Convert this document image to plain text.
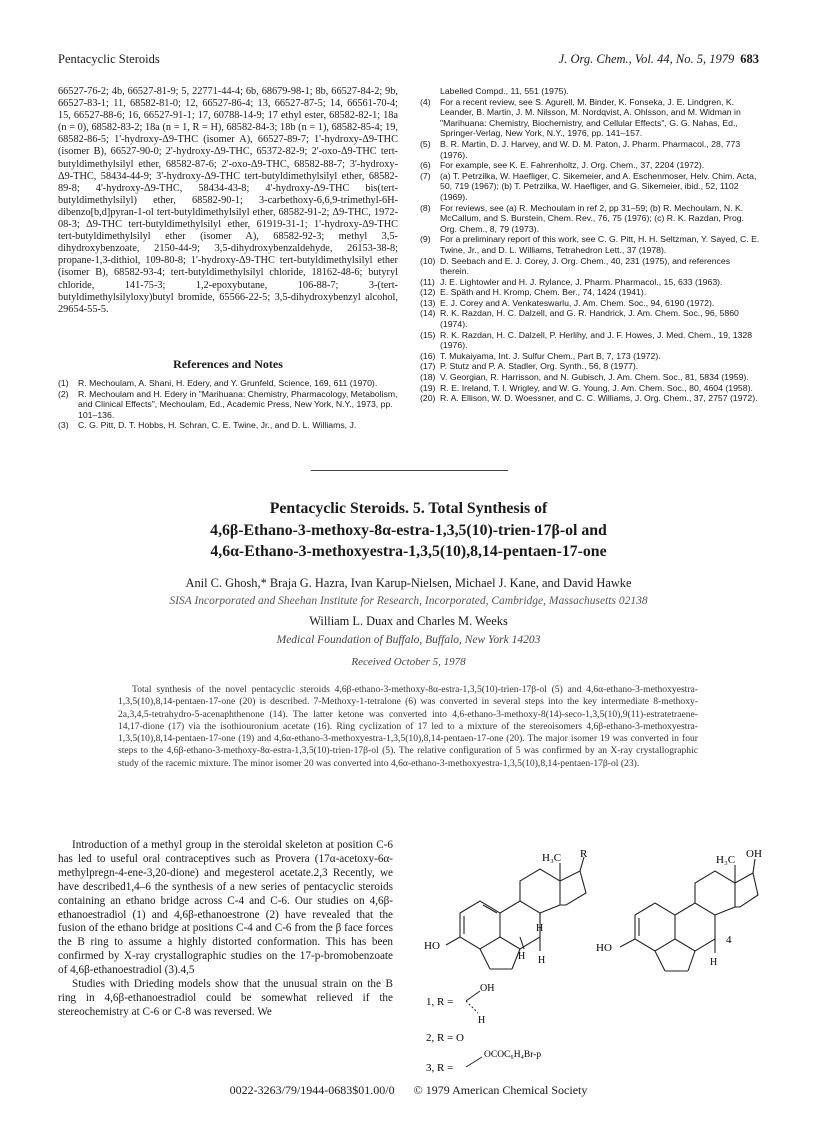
Pentacyclic Steroids	J. Org. Chem., Vol. 44, No. 5, 1979 683
66527-76-2; 4b, 66527-81-9; 5, 22771-44-4; 6b, 68679-98-1; 8b, 66527-84-2; 9b, 66527-83-1; 11, 68582-81-0; 12, 66527-86-4; 13, 66527-87-5; 14, 66561-70-4; 15, 66527-88-6; 16, 66527-91-1; 17, 60788-14-9; 17 ethyl ester, 68582-82-1; 18a (n = 0), 68582-83-2; 18a (n = 1, R = H), 68582-84-3; 18b (n = 1), 68582-85-4; 19, 68582-86-5; 1'-hydroxy-Δ9-THC (isomer A), 66527-89-7; 1'-hydroxy-Δ9-THC (isomer B), 66527-90-0; 2'-hydroxy-Δ9-THC, 65372-82-9; 2'-oxo-Δ9-THC tert-butyldimethylsilyl ether, 68582-87-6; 2'-oxo-Δ9-THC, 68582-88-7; 3'-hydroxy-Δ9-THC, 58434-44-9; 3'-hydroxy-Δ9-THC tert-butyldimethylsilyl ether, 68582-89-8; 4'-hydroxy-Δ9-THC, 58434-43-8; 4'-hydroxy-Δ9-THC bis(tert-butyldimethylsilyl) ether, 68582-90-1; 3-carbethoxy-6,6,9-trimethyl-6H-dibenzo[b,d]pyran-1-ol tert-butyldimethylsilyl ether, 68582-91-2; Δ9-THC, 1972-08-3; Δ9-THC tert-butyldimethylsilyl ether, 61919-31-1; 1'-hydroxy-Δ9-THC tert-butyldimethylsilyl ether (isomer A), 68582-92-3; methyl 3,5-dihydroxybenzoate, 2150-44-9; 3,5-dihydroxybenzaldehyde, 26153-38-8; propane-1,3-dithiol, 109-80-8; 1'-hydroxy-Δ9-THC tert-butyldimethylsilyl ether (isomer B), 68582-93-4; tert-butyldimethylsilyl chloride, 18162-48-6; butyryl chloride, 141-75-3; 1,2-epoxybutane, 106-88-7; 3-(tert-butyldimethylsilyloxy)butyl bromide, 65566-22-5; 3,5-dihydroxybenzyl alcohol, 29654-55-5.
References and Notes
(1)	R. Mechoulam, A. Shani, H. Edery, and Y. Grunfeld, Science, 169, 611 (1970).
(2)	R. Mechoulam and H. Edery in "Marihuana: Chemistry, Pharmacology, Metabolism, and Clinical Effects", Mechoulam, Ed., Academic Press, New York, N.Y., 1973, pp. 101–136.
(3)	C. G. Pitt, D. T. Hobbs, H. Schran, C. E. Twine, Jr., and D. L. Williams, J.
Labelled Compd., 11, 551 (1975).
(4)	For a recent review, see S. Agurell, M. Binder, K. Fonseka, J. E. Lindgren, K. Leander, B. Martin, J. M. Nilsson, M. Nordqvist, A. Ohlsson, and M. Widman in "Marihuana: Chemistry, Biochemistry, and Cellular Effects", G. G. Nahas, Ed., Springer-Verlag, New York, N.Y., 1976, pp. 141–157.
(5)	B. R. Martin, D. J. Harvey, and W. D. M. Paton, J. Pharm. Pharmacol., 28, 773 (1976).
(6)	For example, see K. E. Fahrenholtz, J. Org. Chem., 37, 2204 (1972).
(7)	(a) T. Petrzilka, W. Haefliger, C. Sikemeier, and A. Eschenmoser, Helv. Chim. Acta, 50, 719 (1967); (b) T. Petrzilka, W. Haefliger, and G. Sikemeier, ibid., 52, 1102 (1969).
(8)	For reviews, see (a) R. Mechoulam in ref 2, pp 31–59; (b) R. Mechoulam, N. K. McCallum, and S. Burstein, Chem. Rev., 76, 75 (1976); (c) R. K. Razdan, Prog. Org. Chem., 8, 79 (1973).
(9)	For a preliminary report of this work, see C. G. Pitt, H. H. Seltzman, Y. Sayed, C. E. Twine, Jr., and D. L. Williams, Tetrahedron Lett., 37 (1978).
(10) D. Seebach and E. J. Corey, J. Org. Chem., 40, 231 (1975), and references therein.
(11) J. E. Lightowler and H. J. Rylance, J. Pharm. Pharmacol., 15, 633 (1963).
(12) E. Späth and H. Kromp, Chem. Ber., 74, 1424 (1941).
(13) E. J. Corey and A. Venkateswarlu, J. Am. Chem. Soc., 94, 6190 (1972).
(14) R. K. Razdan, H. C. Dalzell, and G. R. Handrick, J. Am. Chem. Soc., 96, 5860 (1974).
(15) R. K. Razdan, H. C. Dalzell, P. Herlihy, and J. F. Howes, J. Med. Chem., 19, 1328 (1976).
(16) T. Mukaiyama, Int. J. Sulfur Chem., Part B, 7, 173 (1972).
(17) P. Stutz and P. A. Stadler, Org. Synth., 56, 8 (1977).
(18) V. Georgian, R. Harrisson, and N. Gubisch, J. Am. Chem. Soc., 81, 5834 (1959).
(19) R. E. Ireland, T. I. Wrigley, and W. G. Young, J. Am. Chem. Soc., 80, 4604 (1958).
(20) R. A. Ellison, W. D. Woessner, and C. C. Williams, J. Org. Chem., 37, 2757 (1972).
Pentacyclic Steroids. 5. Total Synthesis of
4,6β-Ethano-3-methoxy-8α-estra-1,3,5(10)-trien-17β-ol and
4,6α-Ethano-3-methoxyestra-1,3,5(10),8,14-pentaen-17-one
Anil C. Ghosh,* Braja G. Hazra, Ivan Karup-Nielsen, Michael J. Kane, and David Hawke
SISA Incorporated and Sheehan Institute for Research, Incorporated, Cambridge, Massachusetts 02138
William L. Duax and Charles M. Weeks
Medical Foundation of Buffalo, Buffalo, New York 14203
Received October 5, 1978

Total synthesis of the novel pentacyclic steroids 4,6β-ethano-3-methoxy-8α-estra-1,3,5(10)-trien-17β-ol (5) and 4,6α-ethano-3-methoxyestra-1,3,5(10),8,14-pentaen-17-one (20) is described. 7-Methoxy-1-tetralone (6) was converted in several steps into the key intermediate 8-methoxy-2a,3,4,5-tetrahydro-5-acenaphthenone (14). The latter ketone was converted into 4,6-ethano-3-methoxy-8(14)-seco-1,3,5(10),9(11)-estratetraene-14,17-dione (17) via the isothiouronium acetate (16). Ring cyclization of 17 led to a mixture of the stereoisomers 4,6β-ethano-3-methoxyestra-1,3,5(10),8,14-pentaen-17-one (19) and 4,6α-ethano-3-methoxyestra-1,3,5(10),8,14-pentaen-17-one (20). The major isomer 19 was converted in four steps to the 4,6β-ethano-3-methoxy-8α-estra-1,3,5(10)-trien-17β-ol (5). The relative configuration of 5 was confirmed by an X-ray crystallographic study of the racemic mixture. The minor isomer 20 was converted into 4,6α-ethano-3-methoxyestra-1,3,5(10),8,14-pentaen-17β-ol (23).

Introduction of a methyl group in the steroidal skeleton at position C-6 has led to useful oral contraceptives such as Provera (17α-acetoxy-6α-methylpregn-4-ene-3,20-dione) and megesterol acetate.2,3 Recently, we have described1,4–6 the synthesis of a new series of pentacyclic steroids containing an ethano bridge across C-4 and C-6. Our studies on 4,6β-ethanoestradiol (1) and 4,6β-ethanoestrone (2) have revealed that the fusion of the ethano bridge at positions C-4 and C-6 from the β face forces the B ring to assume a highly distorted conformation. This has been confirmed by X-ray crystallographic studies on the 17-p-bromobenzoate of 4,6β-ethanoestradiol (3).4,5

Studies with Drieding models show that the unusual strain on the B ring in 4,6β-ethanoestradiol could be somewhat relieved if the stereochemistry at C-6 or C-8 was reversed. We

H₃C R
HO
H
H H
H₃C OH
HO
H
4
1, R =
OH
H
2, R = O
3, R =
OCOC₆H₄Br-p
0022-3263/79/1944-0683$01.00/0 © 1979 American Chemical Society
